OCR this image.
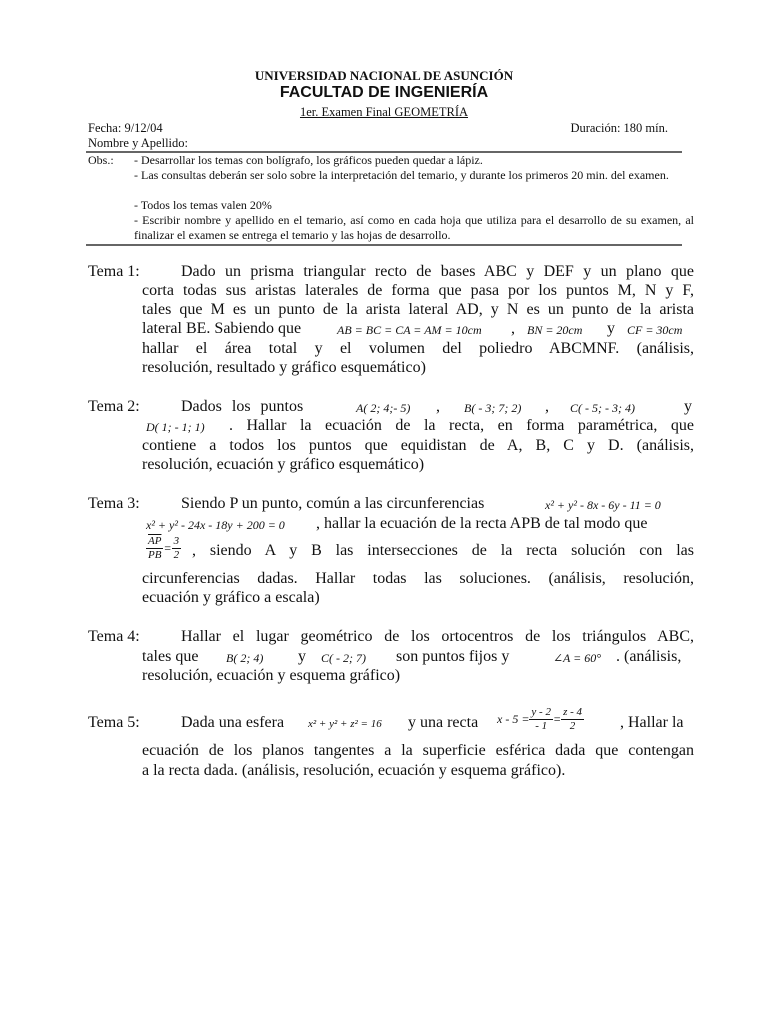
UNIVERSIDAD NACIONAL DE ASUNCIÓN
FACULTAD DE INGENIERÍA
1er. Examen Final GEOMETRÍA
Fecha: 9/12/04	Duración: 180 mín.
Nombre y Apellido:
Obs.: - Desarrollar los temas con bolígrafo, los gráficos pueden quedar a lápiz.
- Las consultas deberán ser solo sobre la interpretación del temario, y durante los primeros 20 min. del examen.
- Todos los temas valen 20%
- Escribir nombre y apellido en el temario, así como en cada hoja que utiliza para el desarrollo de su examen, al finalizar el examen se entrega el temario y las hojas de desarrollo.
Tema 1:	Dado un prisma triangular recto de bases ABC y DEF y un plano que
corta todas sus aristas laterales de forma que pasa por los puntos M, N y F,
tales que M es un punto de la arista lateral AD, y N es un punto de la arista
lateral BE. Sabiendo que	AB = BC = CA = AM = 10cm , BN = 20cm y CF = 30cm
hallar el área total y el volumen del poliedro ABCMNF. (análisis,
resolución, resultado y gráfico esquemático)
Tema 2:	Dados los puntos	A( 2; 4;- 5) , B( - 3; 7; 2) , C( - 5; - 3; 4)	y
D( 1; - 1; 1) . Hallar la ecuación de la recta, en forma paramétrica, que
contiene a todos los puntos que equidistan de A, B, C y D. (análisis,
resolución, ecuación y gráfico esquemático)
Tema 3:	Siendo P un punto, común a las circunferencias	x² + y² - 8x - 6y - 11 = 0
x² + y² - 24x - 18y + 200 = 0 , hallar la ecuación de la recta APB de tal modo que
$\frac{\overline{AP}}{PB} = \frac{3}{2}$ , siendo A y B las intersecciones de la recta solución con las
circunferencias dadas. Hallar todas las soluciones. (análisis, resolución,
ecuación y gráfico a escala)
Tema 4:	Hallar el lugar geométrico de los ortocentros de los triángulos ABC,
tales que B( 2; 4) y C( - 2; 7) son puntos fijos y	∠A = 60° . (análisis,
resolución, ecuación y esquema gráfico)
Tema 5:	Dada una esfera x² + y² + z² = 16 y una recta $x - 5 = \frac{y - 2}{- 1} = \frac{z - 4}{2}$ , Hallar la
ecuación de los planos tangentes a la superficie esférica dada que contengan
a la recta dada. (análisis, resolución, ecuación y esquema gráfico).
